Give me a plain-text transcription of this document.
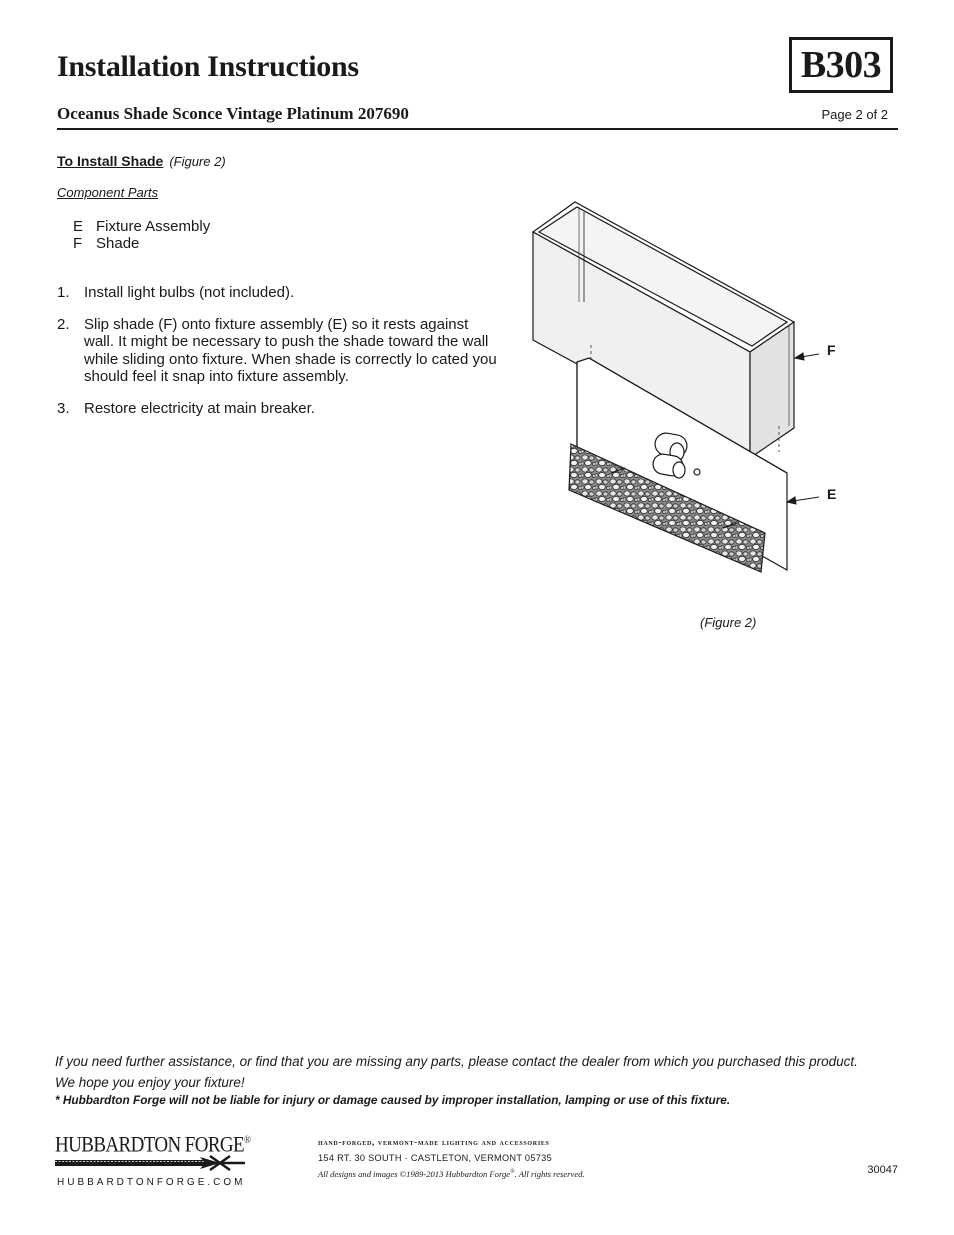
Installation Instructions	B303
Oceanus Shade Sconce Vintage Platinum 207690	Page 2 of 2
To Install Shade (Figure 2)
Component Parts
E Fixture Assembly
F Shade
1. Install light bulbs (not included).
2. Slip shade (F) onto fixture assembly (E) so it rests against wall. It might be necessary to push the shade toward the wall while sliding onto fixture. When shade is correctly lo cated you should feel it snap into fixture assembly.
3. Restore electricity at main breaker.
F
E
(Figure 2)
If you need further assistance, or find that you are missing any parts, please contact the dealer from which you purchased this product.
We hope you enjoy your fixture!
* Hubbardton Forge will not be liable for injury or damage caused by improper installation, lamping or use of this fixture.
HUBBARDTON FORGE®
HUBBARDTONFORGE.COM
hand-forged, vermont-made lighting and accessories
154 RT. 30 SOUTH · CASTLETON, VERMONT 05735
All designs and images ©1989-2013 Hubbardton Forge®. All rights reserved.	30047
